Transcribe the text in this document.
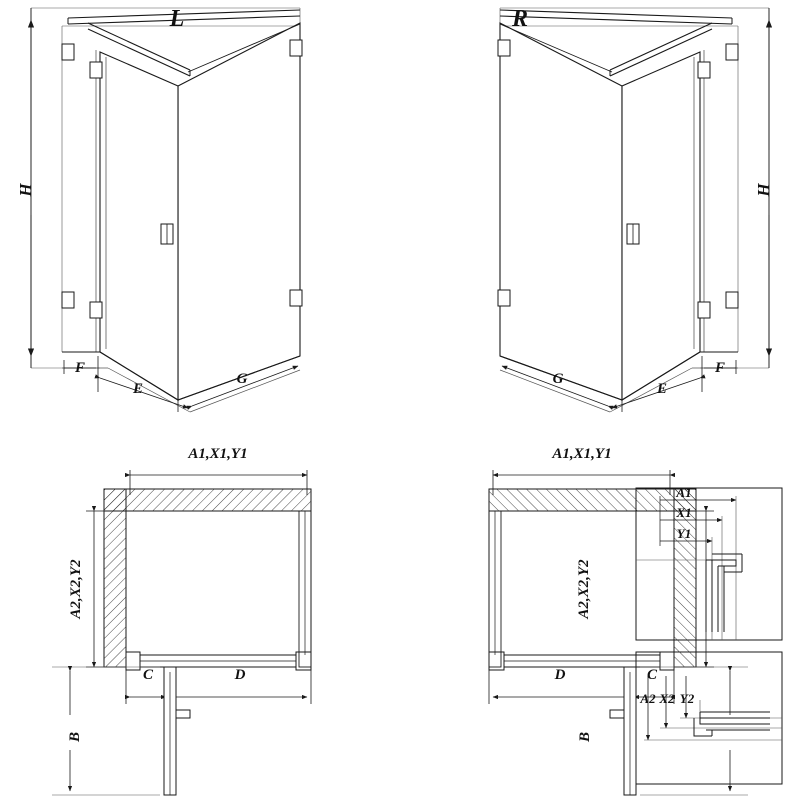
L	R
H	H
F
E
G
F
E
G
A1,X1,Y1	A1,X1,Y1
A2,X2,Y2	A2,X2,Y2
C	D	C
D
B	B
A1
X1
Y1
A2 X2 Y2
